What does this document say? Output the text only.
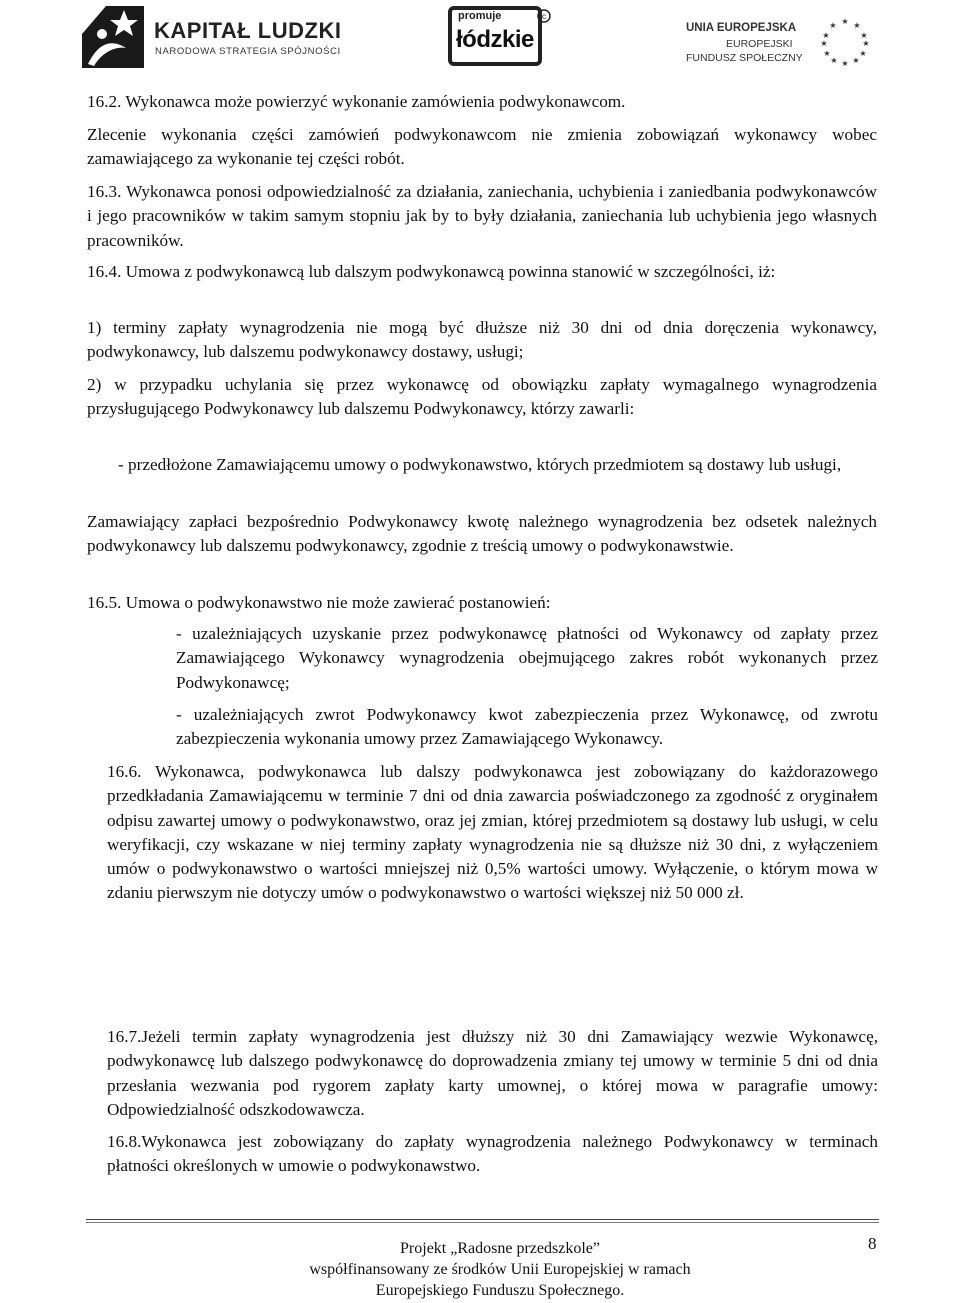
KAPITAŁ LUDZKI
NARODOWA STRATEGIA SPÓJNOŚCI
c
promuje
łódzkie	UNIA EUROPEJSKA
EUROPEJSKI
FUNDUSZ SPOŁECZNY
★ ★
★
★
★
★
★
★
★
★
★
★
16.2. Wykonawca może powierzyć wykonanie zamówienia podwykonawcom.
Zlecenie wykonania części zamówień podwykonawcom nie zmienia zobowiązań wykonawcy wobec zamawiającego za wykonanie tej części robót.
16.3. Wykonawca ponosi odpowiedzialność za działania, zaniechania, uchybienia i zaniedbania podwykonawców i jego pracowników w takim samym stopniu jak by to były działania, zaniechania lub uchybienia jego własnych pracowników.
16.4. Umowa z podwykonawcą lub dalszym podwykonawcą powinna stanowić w szczególności, iż:
1) terminy zapłaty wynagrodzenia nie mogą być dłuższe niż 30 dni od dnia doręczenia wykonawcy, podwykonawcy, lub dalszemu podwykonawcy dostawy, usługi;
2) w przypadku uchylania się przez wykonawcę od obowiązku zapłaty wymagalnego wynagrodzenia przysługującego Podwykonawcy lub dalszemu Podwykonawcy, którzy zawarli:
- przedłożone Zamawiającemu umowy o podwykonawstwo, których przedmiotem są dostawy lub usługi,
Zamawiający zapłaci bezpośrednio Podwykonawcy kwotę należnego wynagrodzenia bez odsetek należnych podwykonawcy lub dalszemu podwykonawcy, zgodnie z treścią umowy o podwykonawstwie.
16.5. Umowa o podwykonawstwo nie może zawierać postanowień:
- uzależniających uzyskanie przez podwykonawcę płatności od Wykonawcy od zapłaty przez Zamawiającego Wykonawcy wynagrodzenia obejmującego zakres robót wykonanych przez Podwykonawcę;
- uzależniających zwrot Podwykonawcy kwot zabezpieczenia przez Wykonawcę, od zwrotu zabezpieczenia wykonania umowy przez Zamawiającego Wykonawcy.
16.6. Wykonawca, podwykonawca lub dalszy podwykonawca jest zobowiązany do każdorazowego przedkładania Zamawiającemu w terminie 7 dni od dnia zawarcia poświadczonego za zgodność z oryginałem odpisu zawartej umowy o podwykonawstwo, oraz jej zmian, której przedmiotem są dostawy lub usługi, w celu weryfikacji, czy wskazane w niej terminy zapłaty wynagrodzenia nie są dłuższe niż 30 dni, z wyłączeniem umów o podwykonawstwo o wartości mniejszej niż 0,5% wartości umowy. Wyłączenie, o którym mowa w zdaniu pierwszym nie dotyczy umów o podwykonawstwo o wartości większej niż 50 000 zł.
16.7.Jeżeli termin zapłaty wynagrodzenia jest dłuższy niż 30 dni Zamawiający wezwie Wykonawcę, podwykonawcę lub dalszego podwykonawcę do doprowadzenia zmiany tej umowy w terminie 5 dni od dnia przesłania wezwania pod rygorem zapłaty karty umownej, o której mowa w paragrafie umowy: Odpowiedzialność odszkodowawcza.
16.8.Wykonawca jest zobowiązany do zapłaty wynagrodzenia należnego Podwykonawcy w terminach płatności określonych w umowie o podwykonawstwo.
Projekt „Radosne przedszkole”
współfinansowany ze środków Unii Europejskiej w ramach
Europejskiego Funduszu Społecznego.
8
